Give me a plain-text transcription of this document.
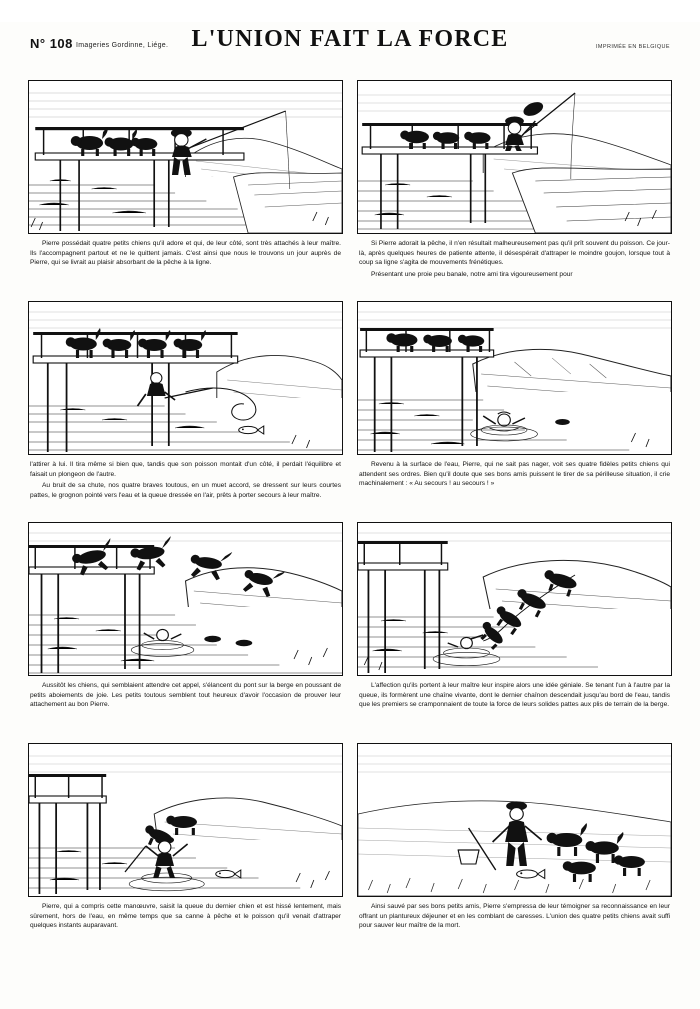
N° 108 Imageries Gordinne, Liége. L'UNION FAIT LA FORCE	IMPRIMÉE EN BELGIQUE

Pierre possédait quatre petits chiens qu'il adore et qui, de leur côté, sont très attachés à leur maître. Ils l'accompagnent partout et ne le quittent jamais. C'est ainsi que nous le trouvons un jour auprès de Pierre, qui se livrait au plaisir absorbant de la pêche à la ligne.

Si Pierre adorait la pêche, il n'en résultait malheureusement pas qu'il prît souvent du poisson. Ce jour-là, après quelques heures de patiente attente, il désespérait d'attraper le moindre goujon, lorsque tout à coup sa ligne s'agita de mouvements frénétiques.

Présentant une proie peu banale, notre ami tira vigoureusement pour

l'attirer à lui. Il tira même si bien que, tandis que son poisson montait d'un côté, il perdait l'équilibre et faisait un plongeon de l'autre.

Au bruit de sa chute, nos quatre braves toutous, en un muet accord, se dressent sur leurs courtes pattes, le grognon pointé vers l'eau et la queue dressée en l'air, prêts à porter secours à leur maître.

Revenu à la surface de l'eau, Pierre, qui ne sait pas nager, voit ses quatre fidèles petits chiens qui attendent ses ordres. Bien qu'il doute que ses bons amis puissent le tirer de sa périlleuse situation, il crie machinalement : « Au secours ! au secours ! »

Aussitôt les chiens, qui semblaient attendre cet appel, s'élancent du pont sur la berge en poussant de petits aboiements de joie. Les petits toutous semblent tout heureux d'avoir l'occasion de prouver leur attachement au bon Pierre.

L'affection qu'ils portent à leur maître leur inspire alors une idée géniale. Se tenant l'un à l'autre par la queue, ils formèrent une chaîne vivante, dont le dernier chaînon descendait jusqu'au bord de l'eau, tandis que les premiers se cramponnaient de toute la force de leurs solides pattes aux plis de terrain de la berge.

Pierre, qui a compris cette manœuvre, saisit la queue du dernier chien et est hissé lentement, mais sûrement, hors de l'eau, en même temps que sa canne à pêche et le poisson qu'il venait d'attraper quelques instants auparavant.

Ainsi sauvé par ses bons petits amis, Pierre s'empressa de leur témoigner sa reconnaissance en leur offrant un plantureux déjeuner et en les comblant de caresses. L'union des quatre petits chiens avait suffi pour sauver leur maître de la mort.
